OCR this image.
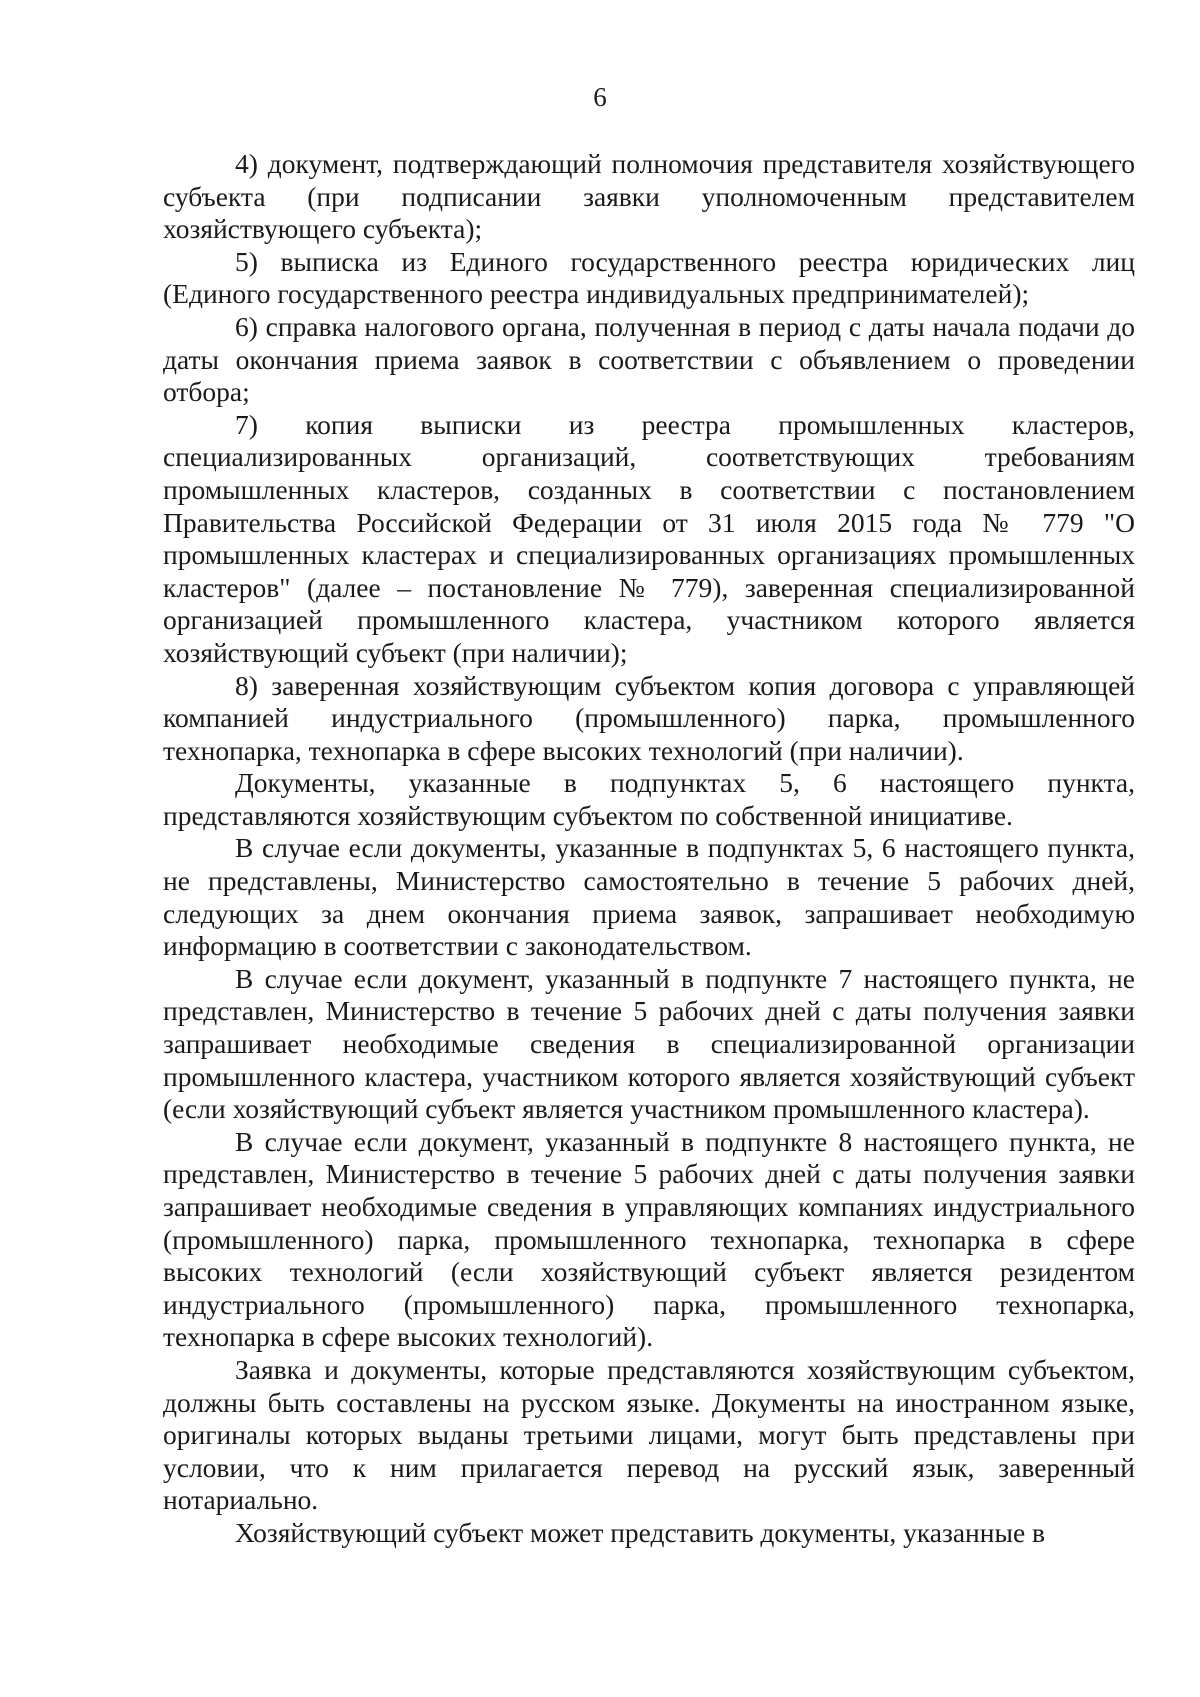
6

4) документ, подтверждающий полномочия представителя хозяйствующего субъекта (при подписании заявки уполномоченным представителем хозяйствующего субъекта);

5) выписка из Единого государственного реестра юридических лиц (Единого государственного реестра индивидуальных предпринимателей);

6) справка налогового органа, полученная в период с даты начала подачи до даты окончания приема заявок в соответствии с объявлением о проведении отбора;

7) копия выписки из реестра промышленных кластеров, специализированных организаций, соответствующих требованиям промышленных кластеров, созданных в соответствии с постановлением Правительства Российской Федерации от 31 июля 2015 года № 779 "О промышленных кластерах и специализированных организациях промышленных кластеров" (далее – постановление № 779), заверенная специализированной организацией промышленного кластера, участником которого является хозяйствующий субъект (при наличии);

8) заверенная хозяйствующим субъектом копия договора с управляющей компанией индустриального (промышленного) парка, промышленного технопарка, технопарка в сфере высоких технологий (при наличии).

Документы, указанные в подпунктах 5, 6 настоящего пункта, представляются хозяйствующим субъектом по собственной инициативе.

В случае если документы, указанные в подпунктах 5, 6 настоящего пункта, не представлены, Министерство самостоятельно в течение 5 рабочих дней, следующих за днем окончания приема заявок, запрашивает необходимую информацию в соответствии с законодательством.

В случае если документ, указанный в подпункте 7 настоящего пункта, не представлен, Министерство в течение 5 рабочих дней с даты получения заявки запрашивает необходимые сведения в специализированной организации промышленного кластера, участником которого является хозяйствующий субъект (если хозяйствующий субъект является участником промышленного кластера).

В случае если документ, указанный в подпункте 8 настоящего пункта, не представлен, Министерство в течение 5 рабочих дней с даты получения заявки запрашивает необходимые сведения в управляющих компаниях индустриального (промышленного) парка, промышленного технопарка, технопарка в сфере высоких технологий (если хозяйствующий субъект является резидентом индустриального (промышленного) парка, промышленного технопарка, технопарка в сфере высоких технологий).

Заявка и документы, которые представляются хозяйствующим субъектом, должны быть составлены на русском языке. Документы на иностранном языке, оригиналы которых выданы третьими лицами, могут быть представлены при условии, что к ним прилагается перевод на русский язык, заверенный нотариально.

Хозяйствующий субъект может представить документы, указанные в
